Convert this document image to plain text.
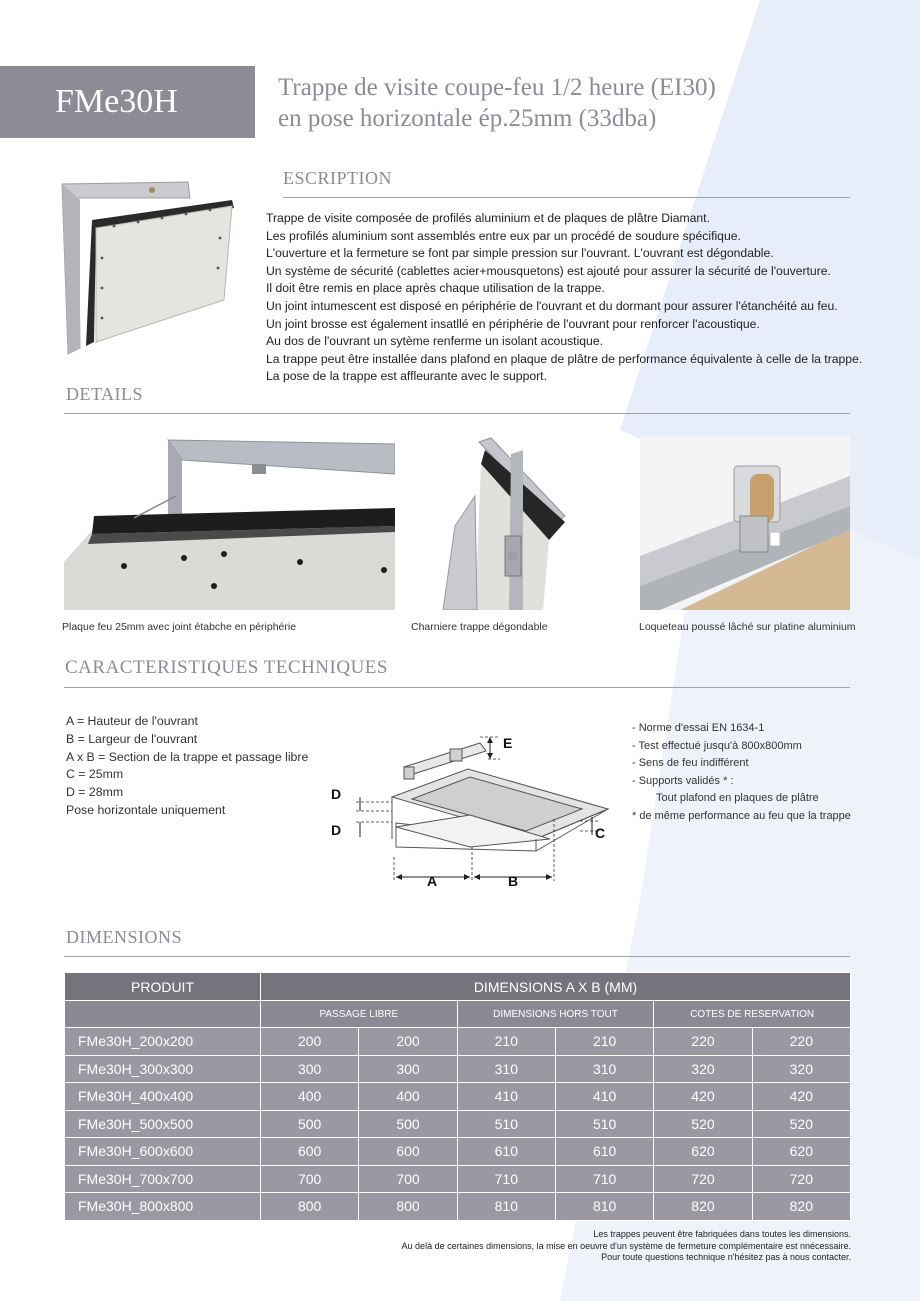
FMe30H	Trappe de visite coupe-feu 1/2 heure (EI30)
en pose horizontale ép.25mm (33dba)
ESCRIPTION
Trappe de visite composée de profilés aluminium et de plaques de plâtre Diamant.
Les profilés aluminium sont assemblés entre eux par un procédé de soudure spécifique.
L'ouverture et la fermeture se font par simple pression sur l'ouvrant. L'ouvrant est dégondable.
Un système de sécurité (cablettes acier+mousquetons) est ajouté pour assurer la sécurité de l'ouverture.
Il doit être remis en place après chaque utilisation de la trappe.
Un joint intumescent est disposé en périphérie de l'ouvrant et du dormant pour assurer l'étanchéité au feu.
Un joint brosse est également insatllé en périphérie de l'ouvrant pour renforcer l'acoustique.
Au dos de l'ouvrant un sytème renferme un isolant acoustique.
La trappe peut être installée dans plafond en plaque de plâtre de performance équivalente à celle de la trappe.
La pose de la trappe est affleurante avec le support.
DETAILS
Plaque feu 25mm avec joint étabche en périphérie	Charniere trappe dégondable	Loqueteau poussé lâché sur platine aluminium
CARACTERISTIQUES TECHNIQUES
A = Hauteur de l'ouvrant
B = Largeur de l'ouvrant
A x B = Section de la trappe et passage libre
C = 25mm
D = 28mm
Pose horizontale uniquement
E
D
D	C
A	B
- Norme d'essai EN 1634-1
- Test effectué jusqu'à 800x800mm
- Sens de feu indifférent
- Supports validés * :
Tout plafond en plaques de plâtre
* de même performance au feu que la trappe
DIMENSIONS
PRODUIT	DIMENSIONS A X B (MM)					
	PASSAGE LIBRE		DIMENSIONS HORS TOUT		COTES DE RESERVATION	
FMe30H_200x200	200	200	210	210	220	220
FMe30H_300x300	300	300	310	310	320	320
FMe30H_400x400	400	400	410	410	420	420
FMe30H_500x500	500	500	510	510	520	520
FMe30H_600x600	600	600	610	610	620	620
FMe30H_700x700	700	700	710	710	720	720
FMe30H_800x800	800	800	810	810	820	820
Les trappes peuvent être fabriquées dans toutes les dimensions.
Au delà de certaines dimensions, la mise en oeuvre d'un système de fermeture complémentaire est nnécessaire.
Pour toute questions technique n'hésitez pas à nous contacter.
